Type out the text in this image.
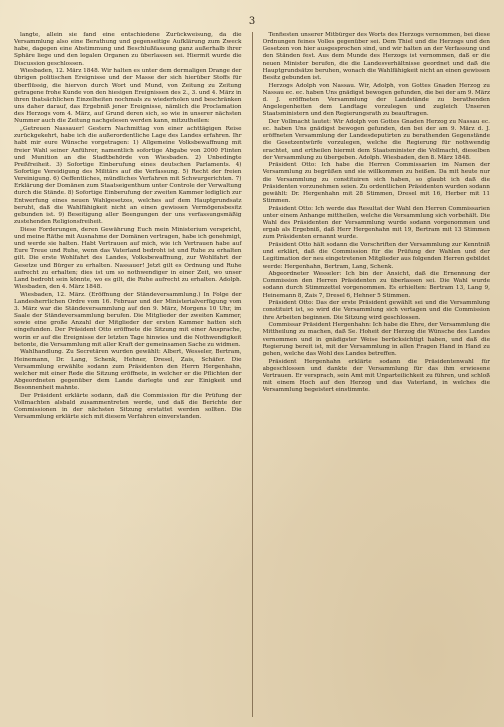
3

langte, allein sie fand eine entschiedene Zurückweisung, da die Versammlung also eine Berathung und gegenseitige Aufklärung zum Zweck habe, dagegen eine Abstimmung und Beschlußfassung ganz außerhalb ihrer Sphäre liege und den legalen Organen zu überlassen sei. Hiermit wurde die Discussion geschlossen.

Wiesbaden, 12. März 1848. Wir halten es unter dem dermaligen Drange der übrigen politischen Ereignisse und der Masse der sich hierüber Stoffs für überflüssig, die hiervon durch Wort und Mund, von Zeitung zu Zeitung getragene frohe Kunde von den hiesigen Ereignissen des 2., 3. und 4. März in ihren thatsächlichen Einzelheiten nochmals zu wiederholen und beschränken uns daher darauf, das Ergebniß jener Ereignisse, nämlich die Proclamation des Herzogs vom 4. März, auf Grund deren sich, so wie in unserer nächsten Nummer auch die Zeitung nachgelesen werden kann, mitzutheilen:

„Getreuen Nassauer! Gestern Nachmittag von einer achttägigen Reise zurückgekehrt, habe ich die außerordentliche Lage des Landes erfahren. Ihr habt mir eure Wünsche vorgetragen: 1) Allgemeine Volksbewaffnung mit freier Wahl seiner Anführer, namentlich sofortige Abgabe von 2000 Flinten und Munition an die Stadtbehörde von Wiesbaden. 2) Unbedingte Preßfreiheit. 3) Sofortige Einberufung eines deutschen Parlaments. 4) Sofortige Vereidigung des Militärs auf die Verfassung. 5) Recht der freien Vereinigung. 6) Oeffentliches, mündliches Verfahren mit Schwurgerichten. 7) Erklärung der Domänen zum Staatseigenthum unter Controle der Verwaltung durch die Stände. 8) Sofortige Einberufung der zweiten Kammer lediglich zur Entwerfung eines neuen Wahlgesetzes, welches auf dem Hauptgrundsatz beruht, daß die Wahlfähigkeit nicht an einen gewissen Vermögensbesitz gebunden ist. 9) Beseitigung aller Beengungen der uns verfassungsmäßig zustehenden Religionsfreiheit.

Diese Forderungen, deren Gewährung Euch mein Ministerium verspricht, und meine Räthe mit Ausnahme der Domänen vertragen, habe ich genehmigt, und werde sie halten. Habt Vertrauen auf mich, wie ich Vertrauen habe auf Eure Treue und Ruhe, wenn das Vaterland bedroht ist und Ruhe zu erhalten gilt. Die erste Wohlfahrt des Landes, Volksbewaffnung, zur Wohlfahrt der Gesetze und Bürger zu erhalten. Nassauer! Jetzt gilt es Ordnung und Ruhe aufrecht zu erhalten; dies ist um so nothwendiger in einer Zeit, wo unser Land bedroht sein könnte, wo es gilt, die Ruhe aufrecht zu erhalten. Adolph. Wiesbaden, den 4. März 1848.

Wiesbaden, 12. März. (Eröffnung der Ständeversammlung.) In Folge der Landesherrlichen Ordre vom 16. Februar und der Ministerialverfügung vom 3. März war die Ständeversammlung auf den 9. März, Morgens 10 Uhr, im Saale der Ständeversammlung berufen. Die Mitglieder der zweiten Kammer, sowie eine große Anzahl der Mitglieder der ersten Kammer hatten sich eingefunden. Der Präsident Otto eröffnete die Sitzung mit einer Ansprache, worin er auf die Ereignisse der letzten Tage hinwies und die Nothwendigkeit betonte, die Versammlung mit aller Kraft der gemeinsamen Sache zu widmen.

Wahlhandlung. Zu Secretären wurden gewählt: Albert, Wesseler, Bertram, Heinemann, Dr. Lang, Schenk, Hehner, Dresel, Zais, Schäfer. Die Versammlung erwählte sodann zum Präsidenten den Herrn Hergenhahn, welcher mit einer Rede die Sitzung eröffnete, in welcher er die Pflichten der Abgeordneten gegenüber dem Lande darlegte und zur Einigkeit und Besonnenheit mahnte.

Der Präsident erklärte sodann, daß die Commission für die Prüfung der Vollmachten alsbald zusammentreten werde, und daß die Berichte der Commissionen in der nächsten Sitzung erstattet werden sollten. Die Versammlung erklärte sich mit diesem Verfahren einverstanden.

Tenfiesten unserer Mitbürger des Worts des Herzogs vernommen, bei diese Ordnungen feines Volles gegenüber sei. Dem Thiel und die Herzogs und den Gesetzen von hier ausgesprochen sind, und wir halten an der Verfassung und den Ständen fest. Aus dem Munde des Herzogs ist vernommen, daß er die neuen Minister berufen, die die Landesverhältnisse geordnet und daß die Hauptgrundsätze beruhen, wonach die Wahlfähigkeit nicht an einen gewissen Besitz gebunden ist.

Herzogs Adolph von Nassau. Wir, Adolph, von Gottes Gnaden Herzog zu Nassau ec. ec. haben Uns gnädigst bewogen gefunden, die bei der am 9. März d. J. eröffneten Versammlung der Landstände zu berathenden Angelegenheiten dem Landtage vorzulegen und zugleich Unseren Staatsministern und den Regierungsrath zu beauftragen.

Der Vollmacht lautet: Wir Adolph von Gottes Gnaden Herzog zu Nassau ec. ec. haben Uns gnädigst bewogen gefunden, den bei der am 9. März d. J. eröffneten Versammlung der Landesdeputirten zu berathenden Gegenstände die Gesetzentwürfe vorzulegen, welche die Regierung für nothwendig erachtet, und ertheilen hiermit dem Staatsminister die Vollmacht, dieselben der Versammlung zu übergeben. Adolph. Wiesbaden, den 8. März 1848.

Präsident Otto: Ich habe die Herren Commissarien im Namen der Versammlung zu begrüßen und sie willkommen zu heißen. Da mit heute nur die Versammlung zu constituiren sich haben, so glaubt ich daß die Präsidenten vorzunehmen seien. Zu ordentlichen Präsidenten wurden sodann gewählt: Dr. Hergenhahn mit 28 Stimmen, Dresel mit 16, Herber mit 11 Stimmen.

Präsident Otto: Ich werde das Resultat der Wahl den Herren Commissarien unter einem Anhange mittheilen, welche die Versammlung sich vorbehält. Die Wahl des Präsidenten der Versammlung wurde sodann vorgenommen und ergab als Ergebniß, daß Herr Hergenhahn mit 19, Bertram mit 13 Stimmen zum Präsidenten ernannt wurde.

Präsident Otto hält sodann die Vorschriften der Versammlung zur Kenntniß und erklärt, daß die Commission für die Prüfung der Wahlen und der Legitimation der neu eingetretenen Mitglieder aus folgenden Herren gebildet werde: Hergenhahn, Bertram, Lang, Schenk.

Abgeordneter Wesseler: Ich bin der Ansicht, daß die Ernennung der Commission den Herren Präsidenten zu überlassen sei. Die Wahl wurde sodann durch Stimmzettel vorgenommen. Es erhielten: Bertram 13, Lang 9, Heinemann 8, Zais 7, Dresel 6, Hehner 5 Stimmen.

Präsident Otto: Das der erste Präsident gewählt sei und die Versammlung constituirt ist, so wird die Versammlung sich vertagen und die Commission ihre Arbeiten beginnen. Die Sitzung wird geschlossen.

Commissar Präsident Hergenhahn: Ich habe die Ehre, der Versammlung die Mittheilung zu machen, daß Se. Hoheit der Herzog die Wünsche des Landes vernommen und in gnädigster Weise berücksichtigt haben, und daß die Regierung bereit ist, mit der Versammlung in allen Fragen Hand in Hand zu gehen, welche das Wohl des Landes betreffen.

Präsident Hergenhahn erklärte sodann die Präsidentenwahl für abgeschlossen und dankte der Versammlung für das ihm erwiesene Vertrauen. Er versprach, sein Amt mit Unparteilichkeit zu führen, und schloß mit einem Hoch auf den Herzog und das Vaterland, in welches die Versammlung begeistert einstimmte.
